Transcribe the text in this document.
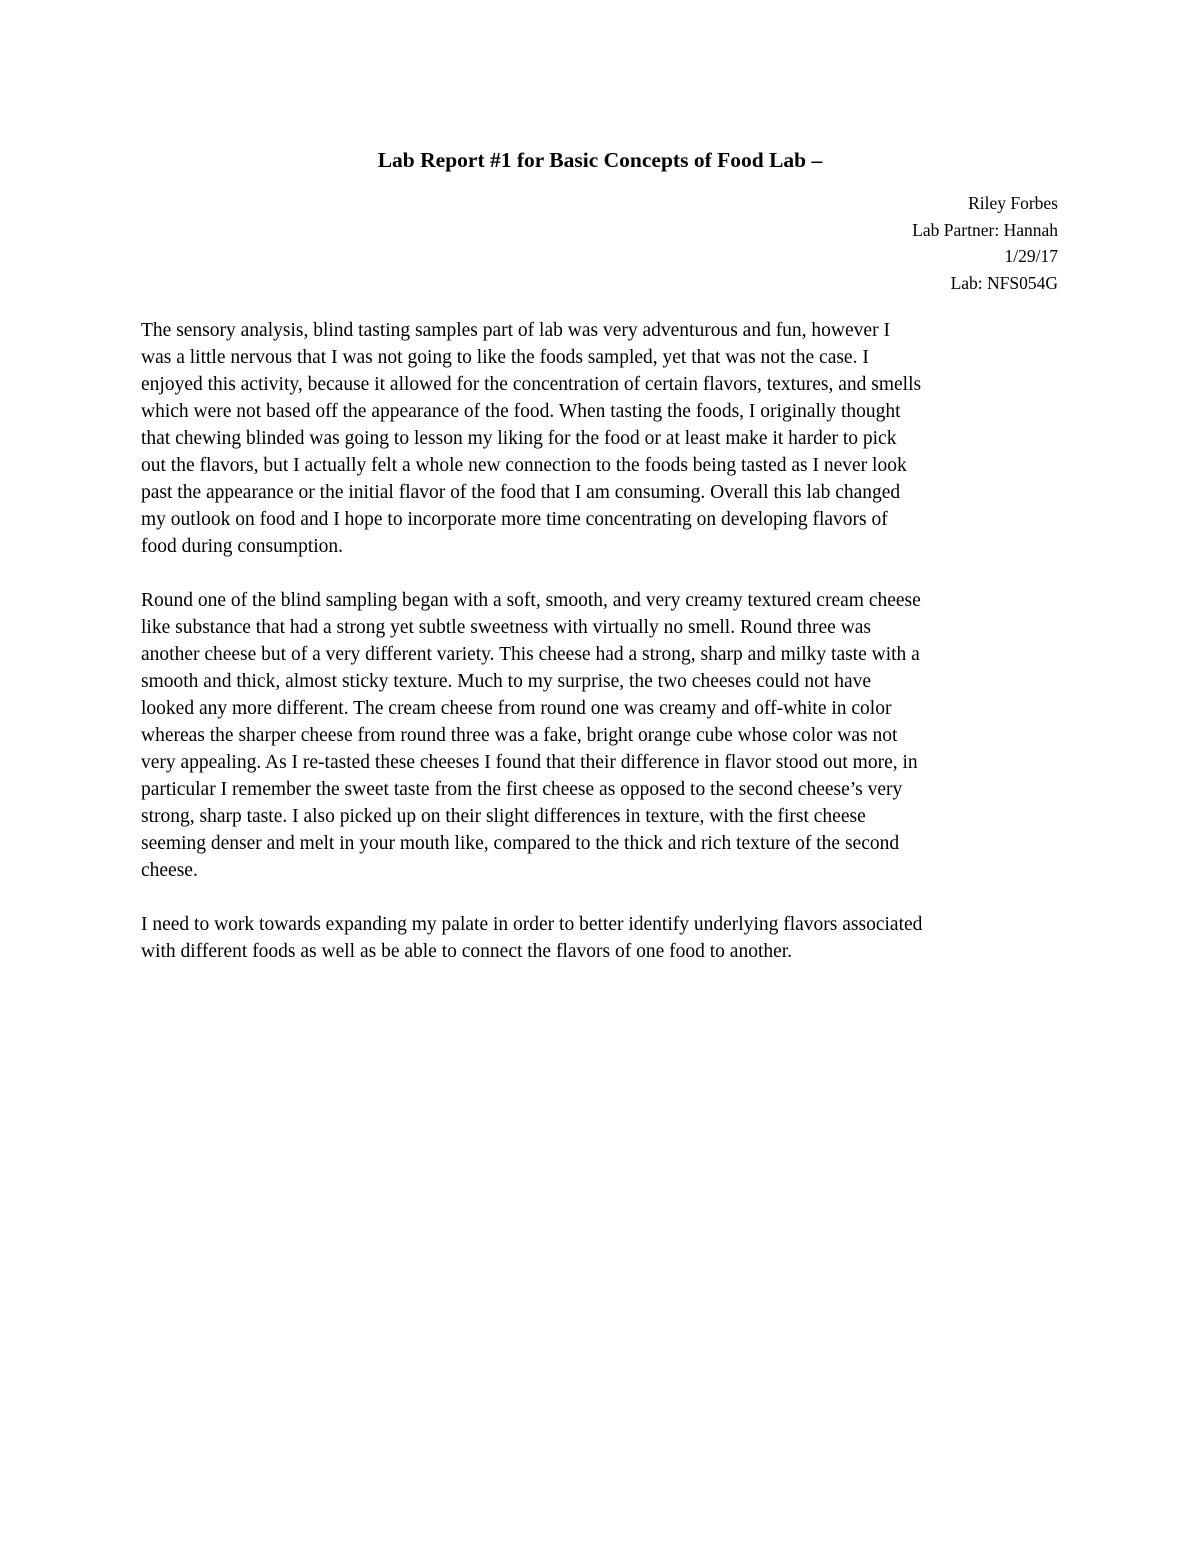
Lab Report #1 for Basic Concepts of Food Lab –
Riley Forbes
Lab Partner: Hannah
1/29/17
Lab: NFS054G

The sensory analysis, blind tasting samples part of lab was very adventurous and fun, however I
was a little nervous that I was not going to like the foods sampled, yet that was not the case. I
enjoyed this activity, because it allowed for the concentration of certain flavors, textures, and smells
which were not based off the appearance of the food. When tasting the foods, I originally thought
that chewing blinded was going to lesson my liking for the food or at least make it harder to pick
out the flavors, but I actually felt a whole new connection to the foods being tasted as I never look
past the appearance or the initial flavor of the food that I am consuming. Overall this lab changed
my outlook on food and I hope to incorporate more time concentrating on developing flavors of
food during consumption.

Round one of the blind sampling began with a soft, smooth, and very creamy textured cream cheese
like substance that had a strong yet subtle sweetness with virtually no smell. Round three was
another cheese but of a very different variety. This cheese had a strong, sharp and milky taste with a
smooth and thick, almost sticky texture. Much to my surprise, the two cheeses could not have
looked any more different. The cream cheese from round one was creamy and off-white in color
whereas the sharper cheese from round three was a fake, bright orange cube whose color was not
very appealing. As I re-tasted these cheeses I found that their difference in flavor stood out more, in
particular I remember the sweet taste from the first cheese as opposed to the second cheese’s very
strong, sharp taste. I also picked up on their slight differences in texture, with the first cheese
seeming denser and melt in your mouth like, compared to the thick and rich texture of the second
cheese.

I need to work towards expanding my palate in order to better identify underlying flavors associated
with different foods as well as be able to connect the flavors of one food to another.
